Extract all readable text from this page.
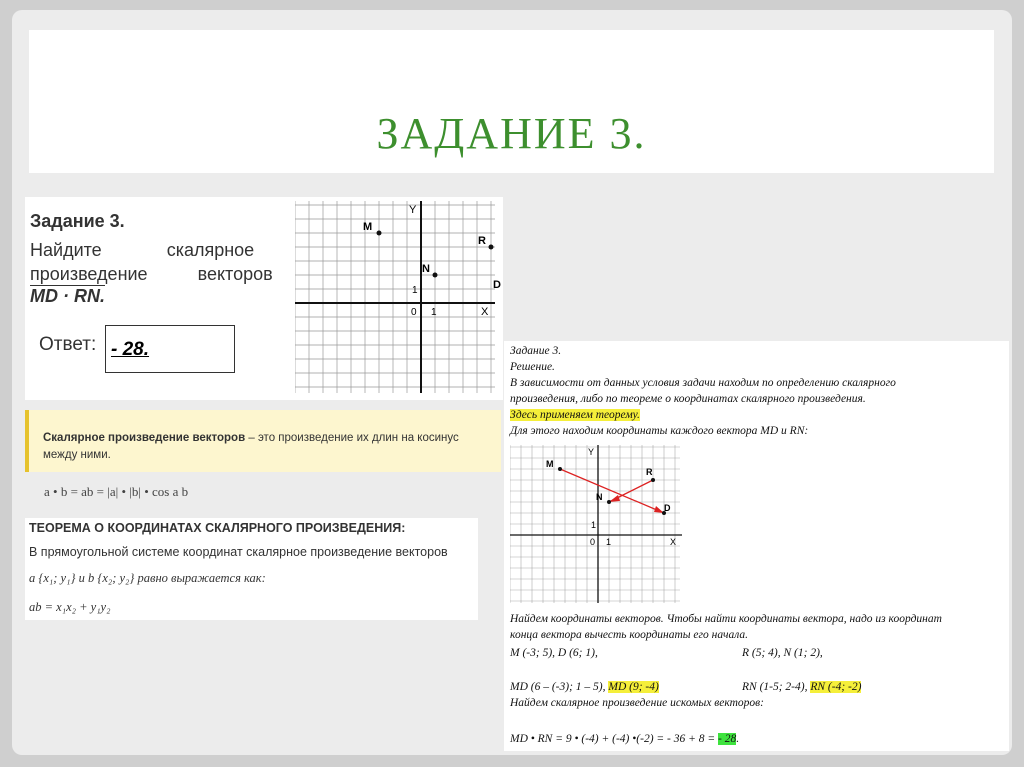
ЗАДАНИЕ 3.
Задание 3.
Найдите             скалярное
произведение          векторов
MD · RN.
Ответ: - 28.
Y
X
0 1
1
M
R
N
D
Скалярное произведение векторов – это произведение их длин на косинус между ними.
a • b = ab = |a| • |b| • cos a b
ТЕОРЕМА О КООРДИНАТАХ СКАЛЯРНОГО ПРОИЗВЕДЕНИЯ:
В прямоугольной системе координат скалярное произведение векторов
a {x₁; y₁} и b {x₂; y₂} равно выражается как:
ab = x₁x₂ + y₁y₂
Задание 3.
Решение.
В зависимости от данных условия задачи находим по определению скалярного
произведения, либо по теореме о координатах скалярного произведения.
Здесь применяем теорему.
Для этого находим координаты каждого вектора MD и RN:
Y
X
0 1
1
M
R
N
D
Найдем координаты векторов. Чтобы найти координаты вектора, надо из координат
конца вектора вычесть координаты его начала.
M (-3; 5), D (6; 1),	R (5; 4), N (1; 2),
MD (6 – (-3); 1 – 5), MD (9; -4)	RN (1-5; 2-4), RN (-4; -2)
Найдем скалярное произведение искомых векторов:
MD • RN = 9 • (-4) + (-4) •(-2) = - 36 + 8 = - 28.
